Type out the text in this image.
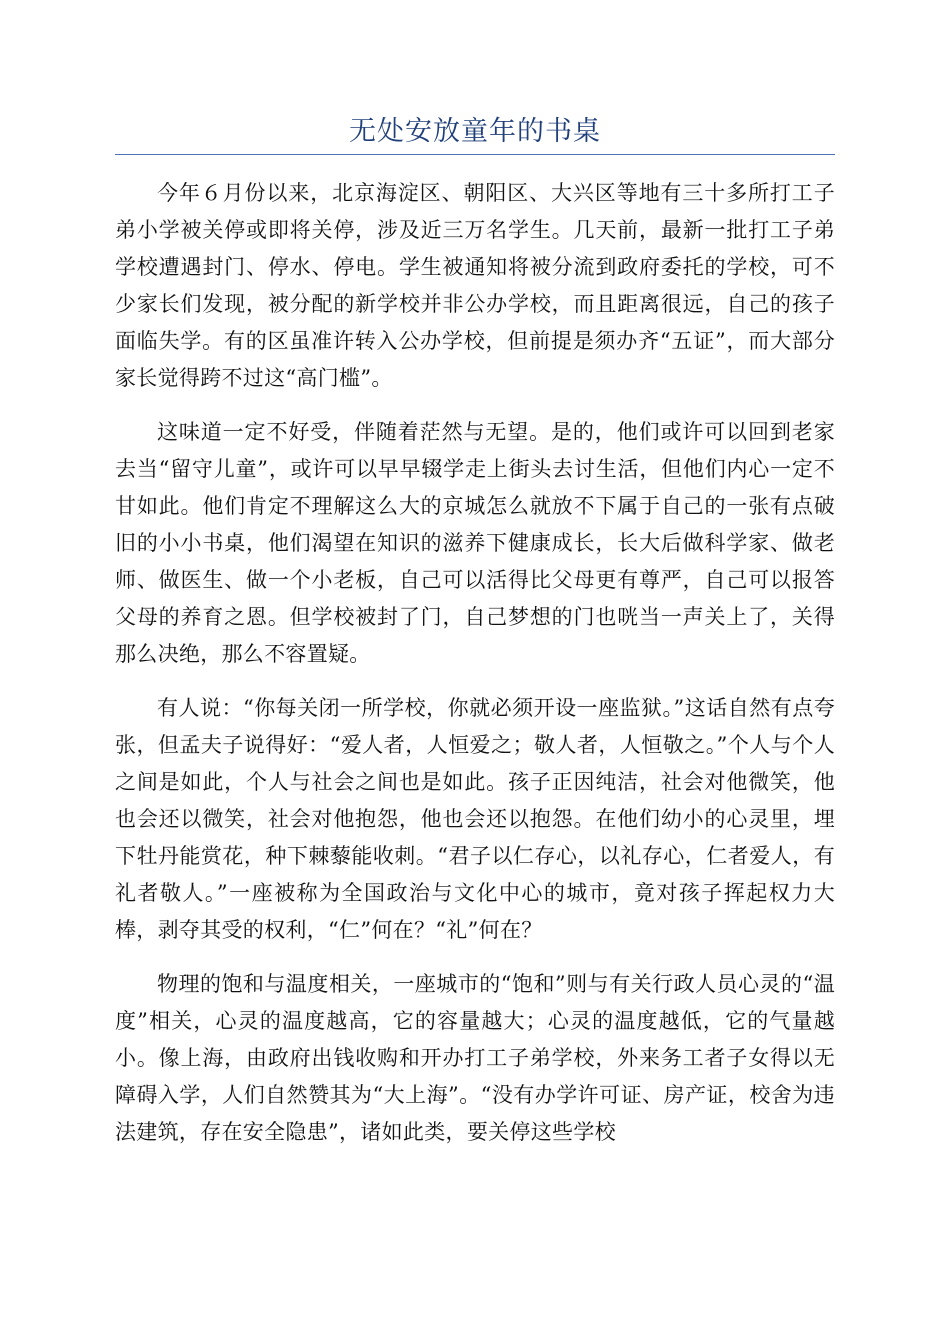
无处安放童年的书桌

今年６月份以来，北京海淀区、朝阳区、大兴区等地有三十多所打工子弟小学被关停或即将关停，涉及近三万名学生。几天前，最新一批打工子弟学校遭遇封门、停水、停电。学生被通知将被分流到政府委托的学校，可不少家长们发现，被分配的新学校并非公办学校，而且距离很远，自己的孩子面临失学。有的区虽准许转入公办学校，但前提是须办齐“五证”，而大部分家长觉得跨不过这“高门槛”。

这味道一定不好受，伴随着茫然与无望。是的，他们或许可以回到老家去当“留守儿童”，或许可以早早辍学走上街头去讨生活，但他们内心一定不甘如此。他们肯定不理解这么大的京城怎么就放不下属于自己的一张有点破旧的小小书桌，他们渴望在知识的滋养下健康成长，长大后做科学家、做老师、做医生、做一个小老板，自己可以活得比父母更有尊严，自己可以报答父母的养育之恩。但学校被封了门，自己梦想的门也咣当一声关上了，关得那么决绝，那么不容置疑。

有人说：“你每关闭一所学校，你就必须开设一座监狱。”这话自然有点夸张，但孟夫子说得好：“爱人者，人恒爱之；敬人者，人恒敬之。”个人与个人之间是如此，个人与社会之间也是如此。孩子正因纯洁，社会对他微笑，他也会还以微笑，社会对他抱怨，他也会还以抱怨。在他们幼小的心灵里，埋下牡丹能赏花，种下棘藜能收刺。“君子以仁存心，以礼存心，仁者爱人，有礼者敬人。”一座被称为全国政治与文化中心的城市，竟对孩子挥起权力大棒，剥夺其受的权利，“仁”何在？“礼”何在？

物理的饱和与温度相关，一座城市的“饱和”则与有关行政人员心灵的“温度”相关，心灵的温度越高，它的容量越大；心灵的温度越低，它的气量越小。像上海，由政府出钱收购和开办打工子弟学校，外来务工者子女得以无障碍入学，人们自然赞其为“大上海”。“没有办学许可证、房产证，校舍为违法建筑，存在安全隐患”，诸如此类，要关停这些学校
